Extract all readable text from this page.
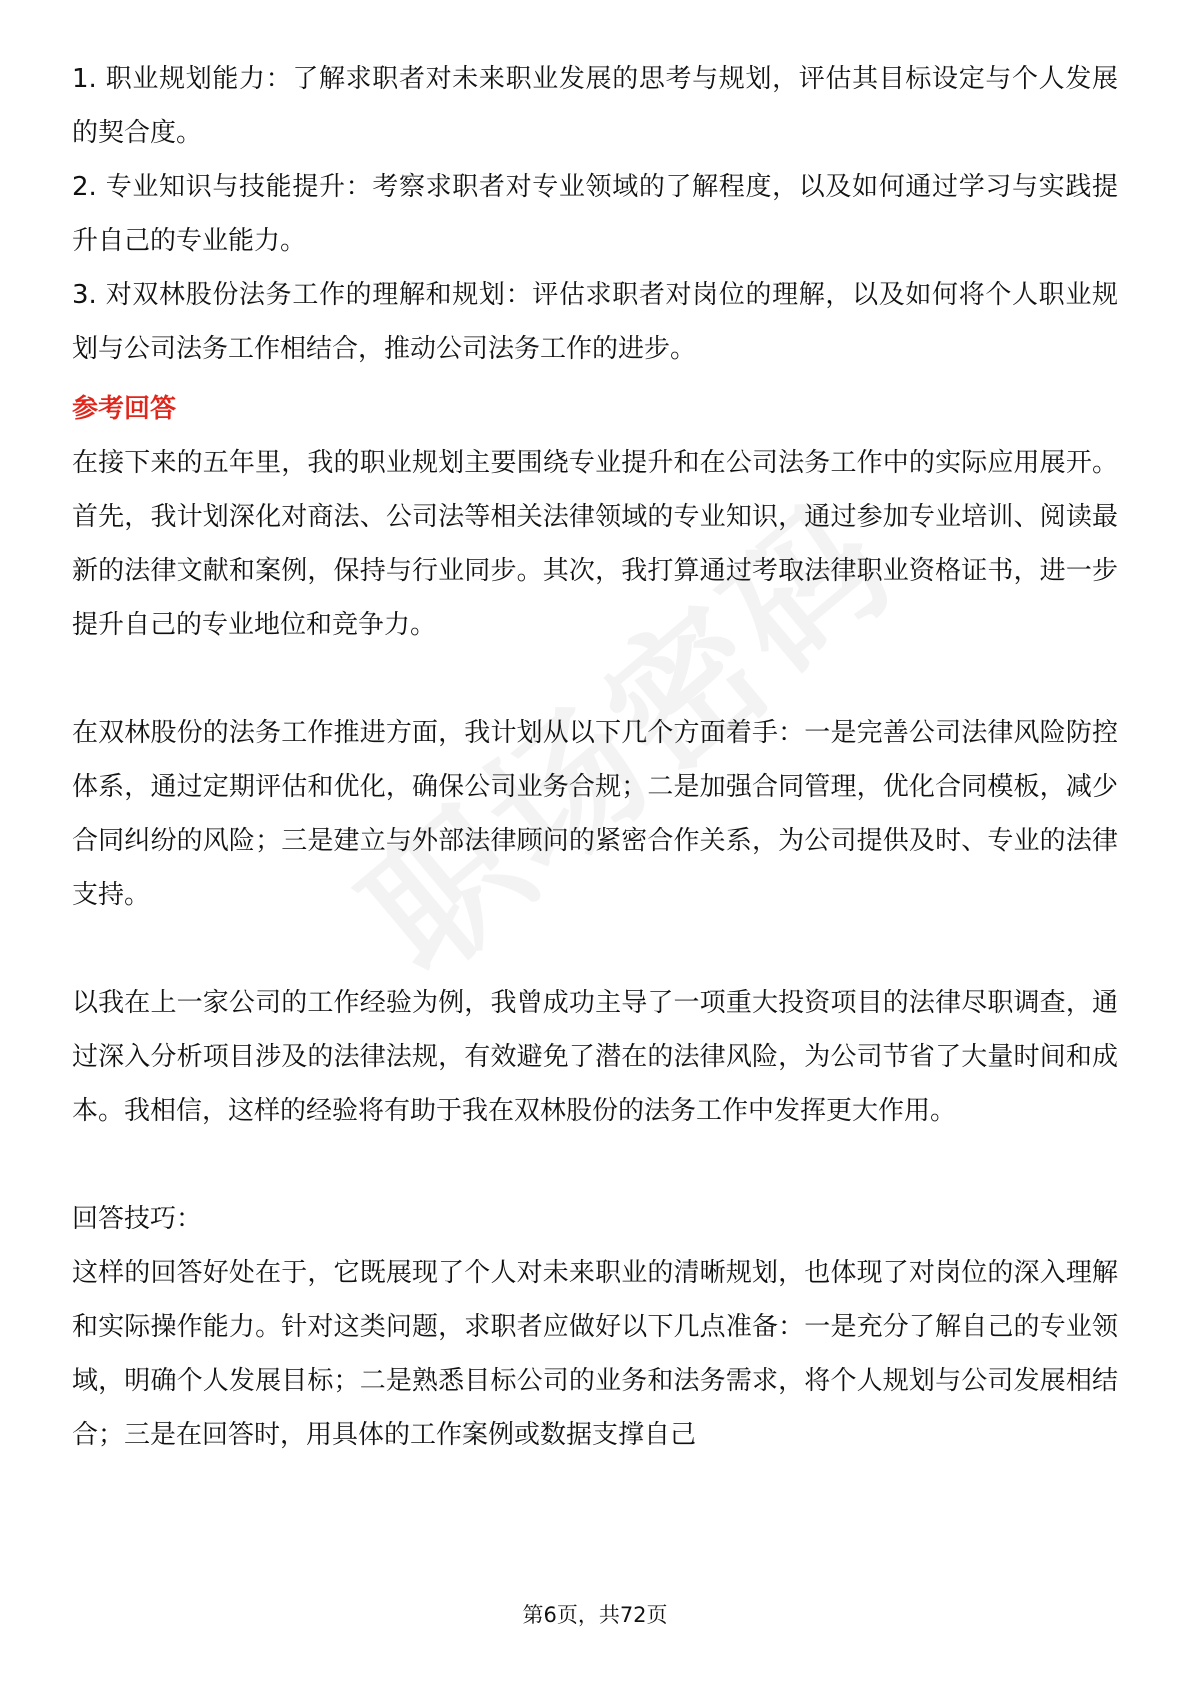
1. 职业规划能力：了解求职者对未来职业发展的思考与规划，评估其目标设定与个人发展的契合度。

2. 专业知识与技能提升：考察求职者对专业领域的了解程度，以及如何通过学习与实践提升自己的专业能力。

3. 对双林股份法务工作的理解和规划：评估求职者对岗位的理解，以及如何将个人职业规划与公司法务工作相结合，推动公司法务工作的进步。

参考回答

在接下来的五年里，我的职业规划主要围绕专业提升和在公司法务工作中的实际应用展开。首先，我计划深化对商法、公司法等相关法律领域的专业知识，通过参加专业培训、阅读最新的法律文献和案例，保持与行业同步。其次，我打算通过考取法律职业资格证书，进一步提升自己的专业地位和竞争力。

在双林股份的法务工作推进方面，我计划从以下几个方面着手：一是完善公司法律风险防控体系，通过定期评估和优化，确保公司业务合规；二是加强合同管理，优化合同模板，减少合同纠纷的风险；三是建立与外部法律顾问的紧密合作关系，为公司提供及时、专业的法律支持。

以我在上一家公司的工作经验为例，我曾成功主导了一项重大投资项目的法律尽职调查，通过深入分析项目涉及的法律法规，有效避免了潜在的法律风险，为公司节省了大量时间和成本。我相信，这样的经验将有助于我在双林股份的法务工作中发挥更大作用。

回答技巧：

这样的回答好处在于，它既展现了个人对未来职业的清晰规划，也体现了对岗位的深入理解和实际操作能力。针对这类问题，求职者应做好以下几点准备：一是充分了解自己的专业领域，明确个人发展目标；二是熟悉目标公司的业务和法务需求，将个人规划与公司发展相结合；三是在回答时，用具体的工作案例或数据支撑自己

第6页，共72页
